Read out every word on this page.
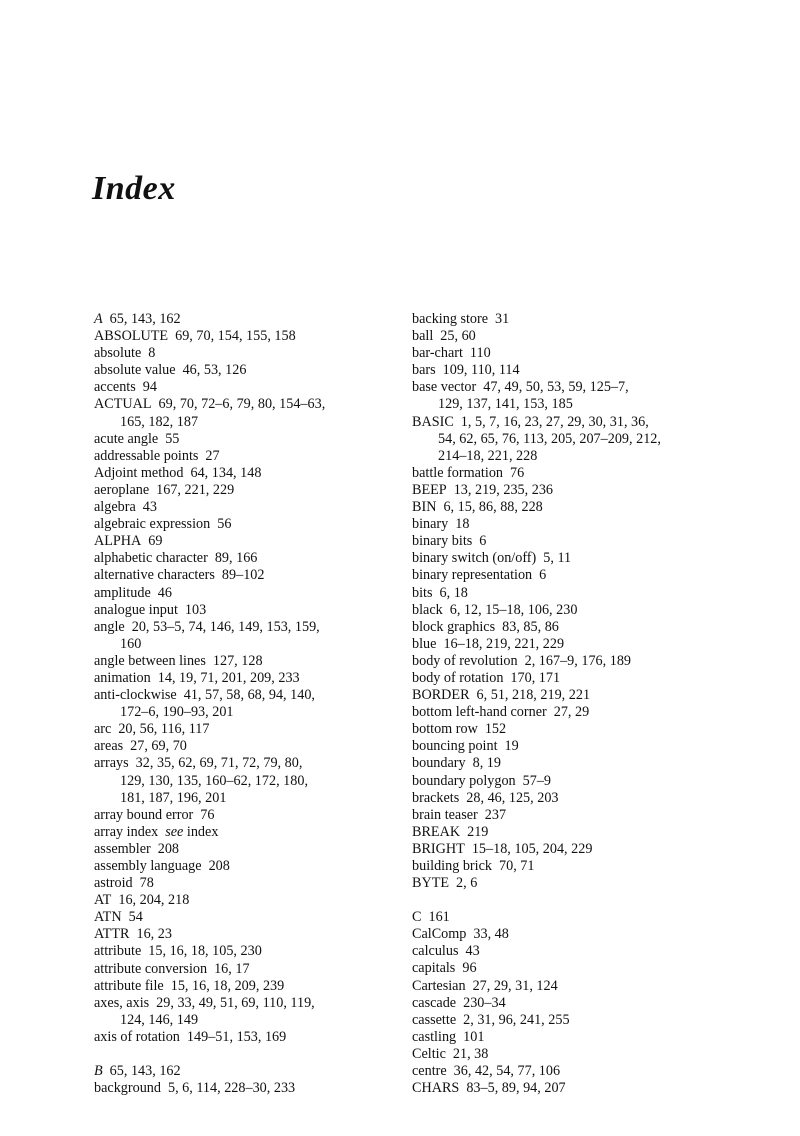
Index
A 65, 143, 162
ABSOLUTE 69, 70, 154, 155, 158
absolute 8
absolute value 46, 53, 126
accents 94
ACTUAL 69, 70, 72–6, 79, 80, 154–63,
165, 182, 187
acute angle 55
addressable points 27
Adjoint method 64, 134, 148
aeroplane 167, 221, 229
algebra 43
algebraic expression 56
ALPHA 69
alphabetic character 89, 166
alternative characters 89–102
amplitude 46
analogue input 103
angle 20, 53–5, 74, 146, 149, 153, 159,
160
angle between lines 127, 128
animation 14, 19, 71, 201, 209, 233
anti-clockwise 41, 57, 58, 68, 94, 140,
172–6, 190–93, 201
arc 20, 56, 116, 117
areas 27, 69, 70
arrays 32, 35, 62, 69, 71, 72, 79, 80,
129, 130, 135, 160–62, 172, 180,
181, 187, 196, 201
array bound error 76
array index see index
assembler 208
assembly language 208
astroid 78
AT 16, 204, 218
ATN 54
ATTR 16, 23
attribute 15, 16, 18, 105, 230
attribute conversion 16, 17
attribute file 15, 16, 18, 209, 239
axes, axis 29, 33, 49, 51, 69, 110, 119,
124, 146, 149
axis of rotation 149–51, 153, 169
B 65, 143, 162
background 5, 6, 114, 228–30, 233
backing store 31
ball 25, 60
bar-chart 110
bars 109, 110, 114
base vector 47, 49, 50, 53, 59, 125–7,
129, 137, 141, 153, 185
BASIC 1, 5, 7, 16, 23, 27, 29, 30, 31, 36,
54, 62, 65, 76, 113, 205, 207–209, 212,
214–18, 221, 228
battle formation 76
BEEP 13, 219, 235, 236
BIN 6, 15, 86, 88, 228
binary 18
binary bits 6
binary switch (on/off) 5, 11
binary representation 6
bits 6, 18
black 6, 12, 15–18, 106, 230
block graphics 83, 85, 86
blue 16–18, 219, 221, 229
body of revolution 2, 167–9, 176, 189
body of rotation 170, 171
BORDER 6, 51, 218, 219, 221
bottom left-hand corner 27, 29
bottom row 152
bouncing point 19
boundary 8, 19
boundary polygon 57–9
brackets 28, 46, 125, 203
brain teaser 237
BREAK 219
BRIGHT 15–18, 105, 204, 229
building brick 70, 71
BYTE 2, 6
C 161
CalComp 33, 48
calculus 43
capitals 96
Cartesian 27, 29, 31, 124
cascade 230–34
cassette 2, 31, 96, 241, 255
castling 101
Celtic 21, 38
centre 36, 42, 54, 77, 106
CHARS 83–5, 89, 94, 207
